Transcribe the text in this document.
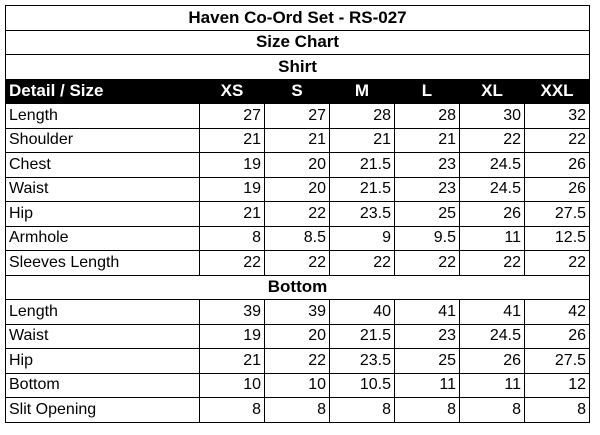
Haven Co-Ord Set - RS-027						
Size Chart						
Shirt						
Detail / Size	XS	S	M	L	XL	XXL
Length	27	27	28	28	30	32
Shoulder	21	21	21	21	22	22
Chest	19	20	21.5	23	24.5	26
Waist	19	20	21.5	23	24.5	26
Hip	21	22	23.5	25	26	27.5
Armhole	8	8.5	9	9.5	11	12.5
Sleeves Length	22	22	22	22	22	22
Bottom						
Length	39	39	40	41	41	42
Waist	19	20	21.5	23	24.5	26
Hip	21	22	23.5	25	26	27.5
Bottom	10	10	10.5	11	11	12
Slit Opening	8	8	8	8	8	8
